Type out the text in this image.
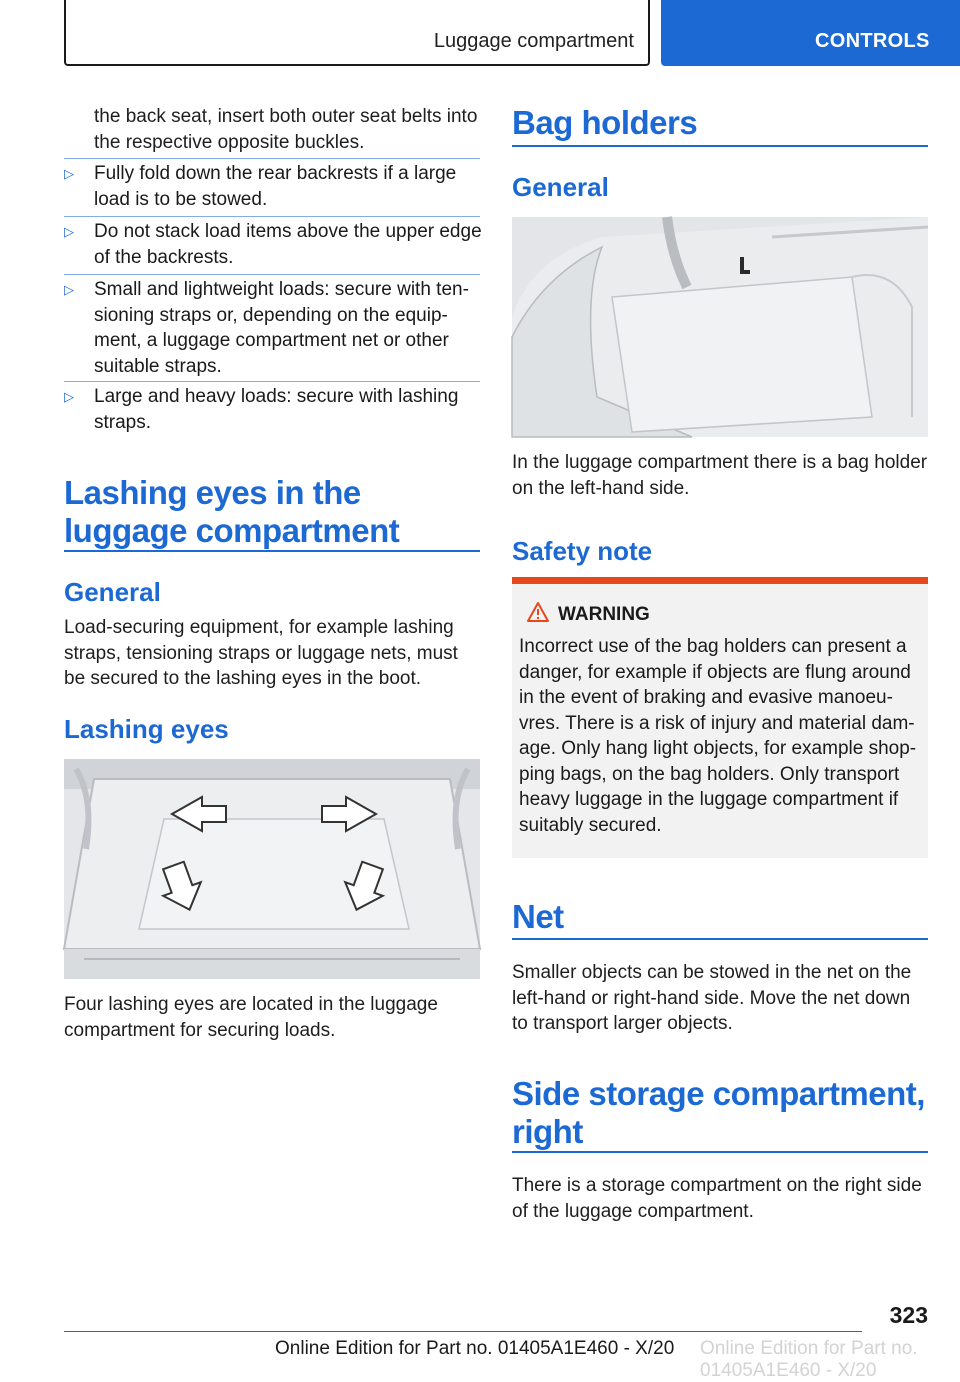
Luggage compartment	CONTROLS
the back seat, insert both outer seat belts into the respective opposite buckles.
▷ Fully fold down the rear backrests if a large load is to be stowed.
▷ Do not stack load items above the upper edge of the backrests.
▷ Small and lightweight loads: secure with ten‐sioning straps or, depending on the equip‐ment, a luggage compartment net or other suitable straps.
▷ Large and heavy loads: secure with lashing straps.
Lashing eyes in the luggage compartment
General
Load-securing equipment, for example lashing straps, tensioning straps or luggage nets, must be secured to the lashing eyes in the boot.
Lashing eyes
Four lashing eyes are located in the luggage compartment for securing loads.
Bag holders
General
In the luggage compartment there is a bag holder on the left-hand side.
Safety note
WARNING
Incorrect use of the bag holders can present a danger, for example if objects are flung around in the event of braking and evasive manoeu‐vres. There is a risk of injury and material dam‐age. Only hang light objects, for example shop‐ping bags, on the bag holders. Only transport heavy luggage in the luggage compartment if suitably secured.
Net
Smaller objects can be stowed in the net on the left-hand or right-hand side. Move the net down to transport larger objects.
Side storage compartment, right
There is a storage compartment on the right side of the luggage compartment.
323
Online Edition for Part no. 01405A1E460 - X/20 Online Edition for Part no. 01405A1E460 - X/20
